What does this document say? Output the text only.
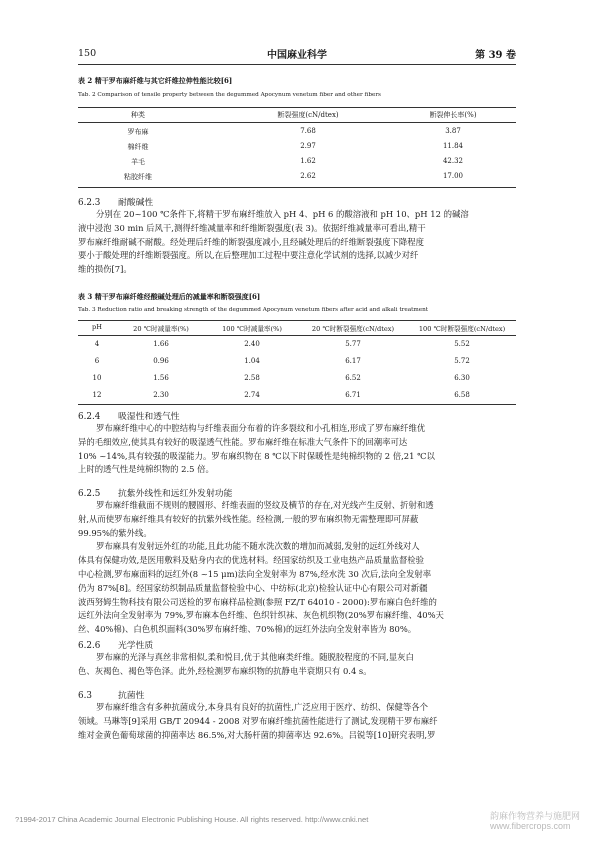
150	中国麻业科学	第 39 卷
表 2 精干罗布麻纤维与其它纤维拉伸性能比较[6]
Tab. 2 Comparison of tensile property between the degummed Apocynum venetum fiber and other fibers
种类	断裂强度(cN/dtex)	断裂伸长率(%)
罗布麻	7.68	3.87
棉纤维	2.97	11.84
羊毛	1.62	42.32
粘胶纤维	2.62	17.00
6.2.3 耐酸碱性
分别在 20~100 ℃条件下,将精干罗布麻纤维放入 pH 4、pH 6 的酸溶液和 pH 10、pH 12 的碱溶
液中浸泡 30 min 后风干,测得纤维减量率和纤维断裂强度(表 3)。依据纤维减量率可看出,精干
罗布麻纤维耐碱不耐酸。经处理后纤维的断裂强度减小,且经碱处理后的纤维断裂强度下降程度
要小于酸处理的纤维断裂强度。所以,在后整理加工过程中要注意化学试剂的选择,以减少对纤
维的损伤[7]。
表 3 精干罗布麻纤维经酸碱处理后的减量率和断裂强度[6]
Tab. 3 Reduction ratio and breaking strength of the degummed Apocynum venetum fibers after acid and alkali treatment
pH	20 ℃时减量率(%)	100 ℃时减量率(%)	20 ℃时断裂强度(cN/dtex)	100 ℃时断裂强度(cN/dtex)
4	1.66	2.40	5.77	5.52
6	0.96	1.04	6.17	5.72
10	1.56	2.58	6.52	6.30
12	2.30	2.74	6.71	6.58
6.2.4 吸湿性和透气性
罗布麻纤维中心的中腔结构与纤维表面分布着的许多裂纹和小孔相连,形成了罗布麻纤维优
异的毛细效应,使其具有较好的吸湿透气性能。罗布麻纤维在标准大气条件下的回潮率可达
10% ~14%,具有较强的吸湿能力。罗布麻织物在 8 ℃以下时保暖性是纯棉织物的 2 倍,21 ℃以
上时的透气性是纯棉织物的 2.5 倍。
6.2.5 抗紫外线性和远红外发射功能
罗布麻纤维截面不规则的腰圆形、纤维表面的竖纹及横节的存在,对光线产生反射、折射和透
射,从而使罗布麻纤维具有较好的抗紫外线性能。经检测,一般的罗布麻织物无需整理即可屏蔽
99.95%的紫外线。
罗布麻具有发射远外红的功能,且此功能不随水洗次数的增加而减弱,发射的远红外线对人
体具有保健功效,是医用敷料及贴身内衣的优选材料。经国家纺织及工业电热产品质量监督检验
中心检测,罗布麻面料的远红外(8 ~15 μm)法向全发射率为 87%,经水洗 30 次后,法向全发射率
仍为 87%[8]。经国家纺织制品质量监督检验中心、中纺标(北京)检验认证中心有限公司对新疆
波西努姆生物科技有限公司送检的罗布麻样品检测(参照 FZ/T 64010 - 2000):罗布麻白色纤维的
远红外法向全发射率为 79%,罗布麻本色纤维、色织针织袜、灰色机织物(20%罗布麻纤维、40%天
丝、40%棉)、白色机织面料(30%罗布麻纤维、70%棉)的远红外法向全发射率皆为 80%。
6.2.6 光学性质
罗布麻的光泽与真丝非常相似,柔和悦目,优于其他麻类纤维。随脱胶程度的不同,显灰白
色、灰褐色、褐色等色泽。此外,经检测罗布麻织物的抗静电半衰期只有 0.4 s。
6.3	抗菌性
罗布麻纤维含有多种抗菌成分,本身具有良好的抗菌性,广泛应用于医疗、纺织、保健等各个
领域。马琳等[9]采用 GB/T 20944 - 2008 对罗布麻纤维抗菌性能进行了测试,发现精干罗布麻纤
维对金黄色葡萄球菌的抑菌率达 86.5%,对大肠杆菌的抑菌率达 92.6%。吕锐等[10]研究表明,罗
?1994-2017 China Academic Journal Electronic Publishing House. All rights reserved. http://www.cnki.net	韵麻作物营养与施肥网
www.fibercrops.com
